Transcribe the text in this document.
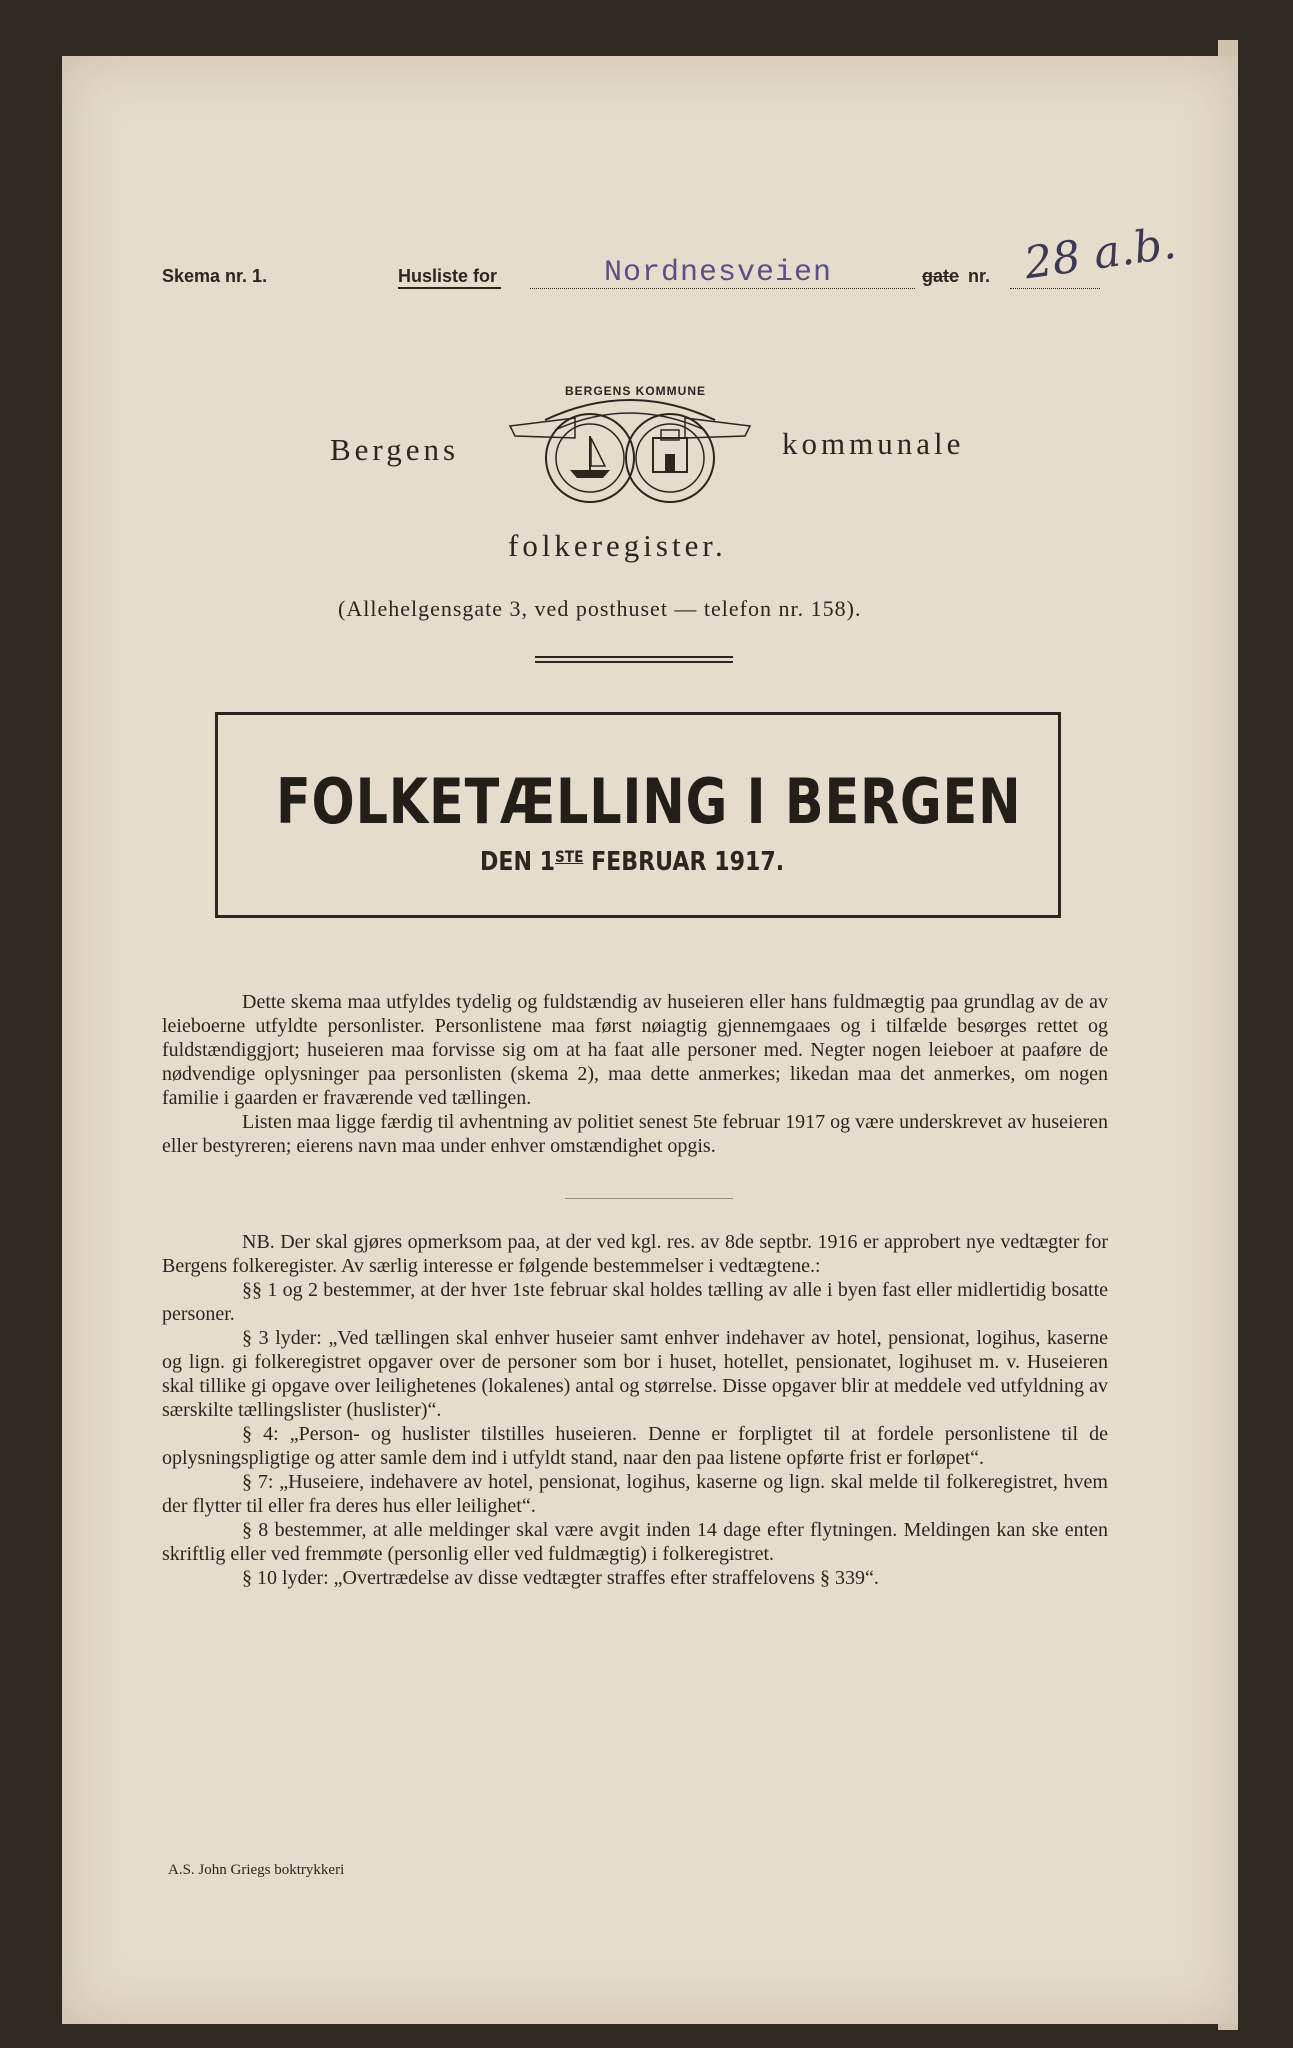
Skema nr. 1.	Husliste for	Nordnesveien	gate nr. 28 a.b.
Bergens	kommunale
BERGENS KOMMUNE
folkeregister.
(Allehelgensgate 3, ved posthuset — telefon nr. 158).
FOLKETÆLLING I BERGEN
DEN 1STE FEBRUAR 1917.

Dette skema maa utfyldes tydelig og fuldstændig av huseieren eller hans fuldmægtig paa grundlag av de av leieboerne utfyldte personlister. Personlistene maa først nøiagtig gjennemgaaes og i tilfælde besørges rettet og fuldstændiggjort; huseieren maa forvisse sig om at ha faat alle personer med. Negter nogen leieboer at paaføre de nødvendige oplysninger paa personlisten (skema 2), maa dette anmerkes; likedan maa det anmerkes, om nogen familie i gaarden er fraværende ved tællingen.

Listen maa ligge færdig til avhentning av politiet senest 5te februar 1917 og være underskrevet av huseieren eller bestyreren; eierens navn maa under enhver omstændighet opgis.

NB. Der skal gjøres opmerksom paa, at der ved kgl. res. av 8de septbr. 1916 er approbert nye vedtægter for Bergens folkeregister. Av særlig interesse er følgende bestemmelser i vedtægtene.:

§§ 1 og 2 bestemmer, at der hver 1ste februar skal holdes tælling av alle i byen fast eller midlertidig bosatte personer.

§ 3 lyder: „Ved tællingen skal enhver huseier samt enhver indehaver av hotel, pensionat, logihus, kaserne og lign. gi folkeregistret opgaver over de personer som bor i huset, hotellet, pensionatet, logihuset m. v. Huseieren skal tillike gi opgave over leilighetenes (lokalenes) antal og størrelse. Disse opgaver blir at meddele ved utfyldning av særskilte tællingslister (huslister)“.

§ 4: „Person- og huslister tilstilles huseieren. Denne er forpligtet til at fordele personlistene til de oplysningspligtige og atter samle dem ind i utfyldt stand, naar den paa listene opførte frist er forløpet“.

§ 7: „Huseiere, indehavere av hotel, pensionat, logihus, kaserne og lign. skal melde til folkeregistret, hvem der flytter til eller fra deres hus eller leilighet“.

§ 8 bestemmer, at alle meldinger skal være avgit inden 14 dage efter flytningen. Meldingen kan ske enten skriftlig eller ved fremmøte (personlig eller ved fuldmægtig) i folkeregistret.

§ 10 lyder: „Overtrædelse av disse vedtægter straffes efter straffelovens § 339“.

A.S. John Griegs boktrykkeri
